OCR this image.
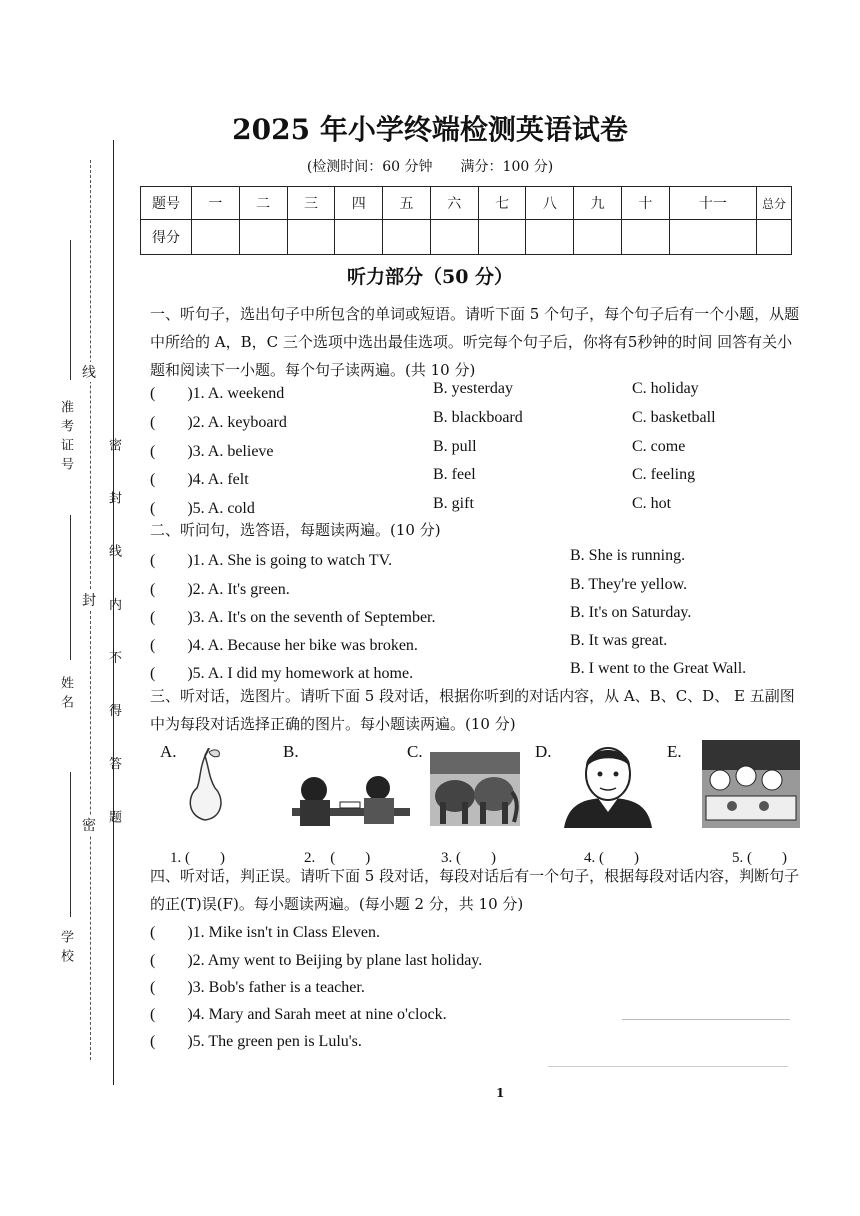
线
封
密 密 封 线 内 不 得 答 题
准考证号
姓名
学校
2025 年小学终端检测英语试卷
(检测时间：60 分钟　　满分：100 分)
题号	一	二	三	四	五	六	七	八	九	十	十一	总分
得分												
听力部分（50 分）
一、听句子，选出句子中所包含的单词或短语。请听下面 5 个句子，每个句子后有一个小题，从题中所给的 A，B，C 三个选项中选出最佳选项。听完每个句子后，你将有5秒钟的时间 回答有关小题和阅读下一小题。每个句子读两遍。(共 10 分)
(　　)1. A. weekend	B. yesterday	C. holiday
(　　)2. A. keyboard	B. blackboard	C. basketball
(　　)3. A. believe	B. pull	C. come
(　　)4. A. felt	B. feel	C. feeling
(　　)5. A. cold	B. gift	C. hot
二、听问句，选答语，每题读两遍。(10 分)
(　　)1. A. She is going to watch TV.	B. She is running.
(　　)2. A. It's green.	B. They're yellow.
(　　)3. A. It's on the seventh of September.	B. It's on Saturday.
(　　)4. A. Because her bike was broken.	B. It was great.
(　　)5. A. I did my homework at home.	B. I went to the Great Wall.
三、听对话，选图片。请听下面 5 段对话，根据你听到的对话内容，从 A、B、C、D、 E 五副图中为每段对话选择正确的图片。每小题读两遍。(10 分)
A.	B.	C.	D.	E.
1. (　　)	2.　(　　)	3. (　　)	4. (　　)	5. (　　)
四、听对话，判正误。请听下面 5 段对话，每段对话后有一个句子，根据每段对话内容，判断句子的正(T)误(F)。每小题读两遍。(每小题 2 分，共 10 分)
(　　)1. Mike isn't in Class Eleven.
(　　)2. Amy went to Beijing by plane last holiday.
(　　)3. Bob's father is a teacher.
(　　)4. Mary and Sarah meet at nine o'clock.
(　　)5. The green pen is Lulu's.
1
